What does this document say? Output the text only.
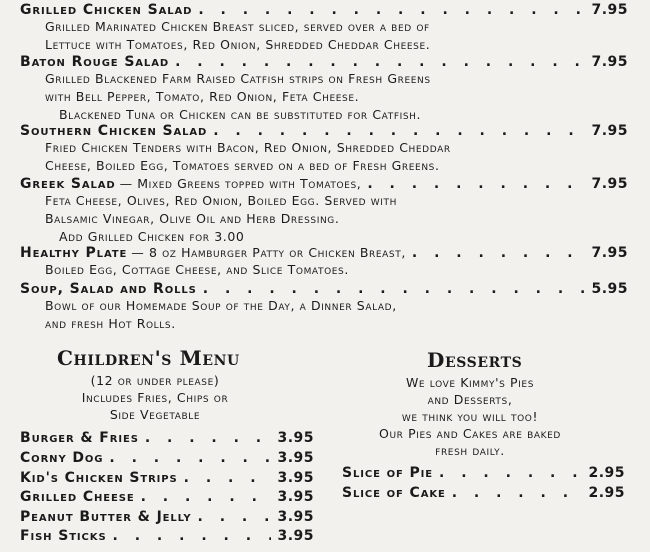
Grilled Chicken Salad . . .	7.95
Grilled Marinated Chicken Breast sliced, served over a bed of
Lettuce with Tomatoes, Red Onion, Shredded Cheddar Cheese.
Baton Rouge Salad . . .	7.95
Grilled Blackened Farm Raised Catfish strips on Fresh Greens
with Bell Pepper, Tomato, Red Onion, Feta Cheese.
Blackened Tuna or Chicken can be substituted for Catfish.
Southern Chicken Salad . . .	7.95
Fried Chicken Tenders with Bacon, Red Onion, Shredded Cheddar
Cheese, Boiled Egg, Tomatoes served on a bed of Fresh Greens.
Greek Salad — Mixed Greens topped with Tomatoes, . . .	7.95
Feta Cheese, Olives, Red Onion, Boiled Egg. Served with
Balsamic Vinegar, Olive Oil and Herb Dressing.
Add Grilled Chicken for 3.00
Healthy Plate — 8 oz Hamburger Patty or Chicken Breast, . . .	7.95
Boiled Egg, Cottage Cheese, and Slice Tomatoes.
Soup, Salad and Rolls . . .	5.95
Bowl of our Homemade Soup of the Day, a Dinner Salad,
and fresh Hot Rolls.
Children's Menu
(12 or under please)
Includes Fries, Chips or
Side Vegetable
Burger & Fries . . .	3.95
Corny Dog . . .	3.95
Kid's Chicken Strips . . .	3.95
Grilled Cheese . . .	3.95
Peanut Butter & Jelly . . .	3.95
Fish Sticks . . .	3.95
Desserts
We love Kimmy's Pies
and Desserts,
we think you will too!
Our Pies and Cakes are baked
fresh daily.
Slice of Pie . . .	2.95
Slice of Cake . . .	2.95
